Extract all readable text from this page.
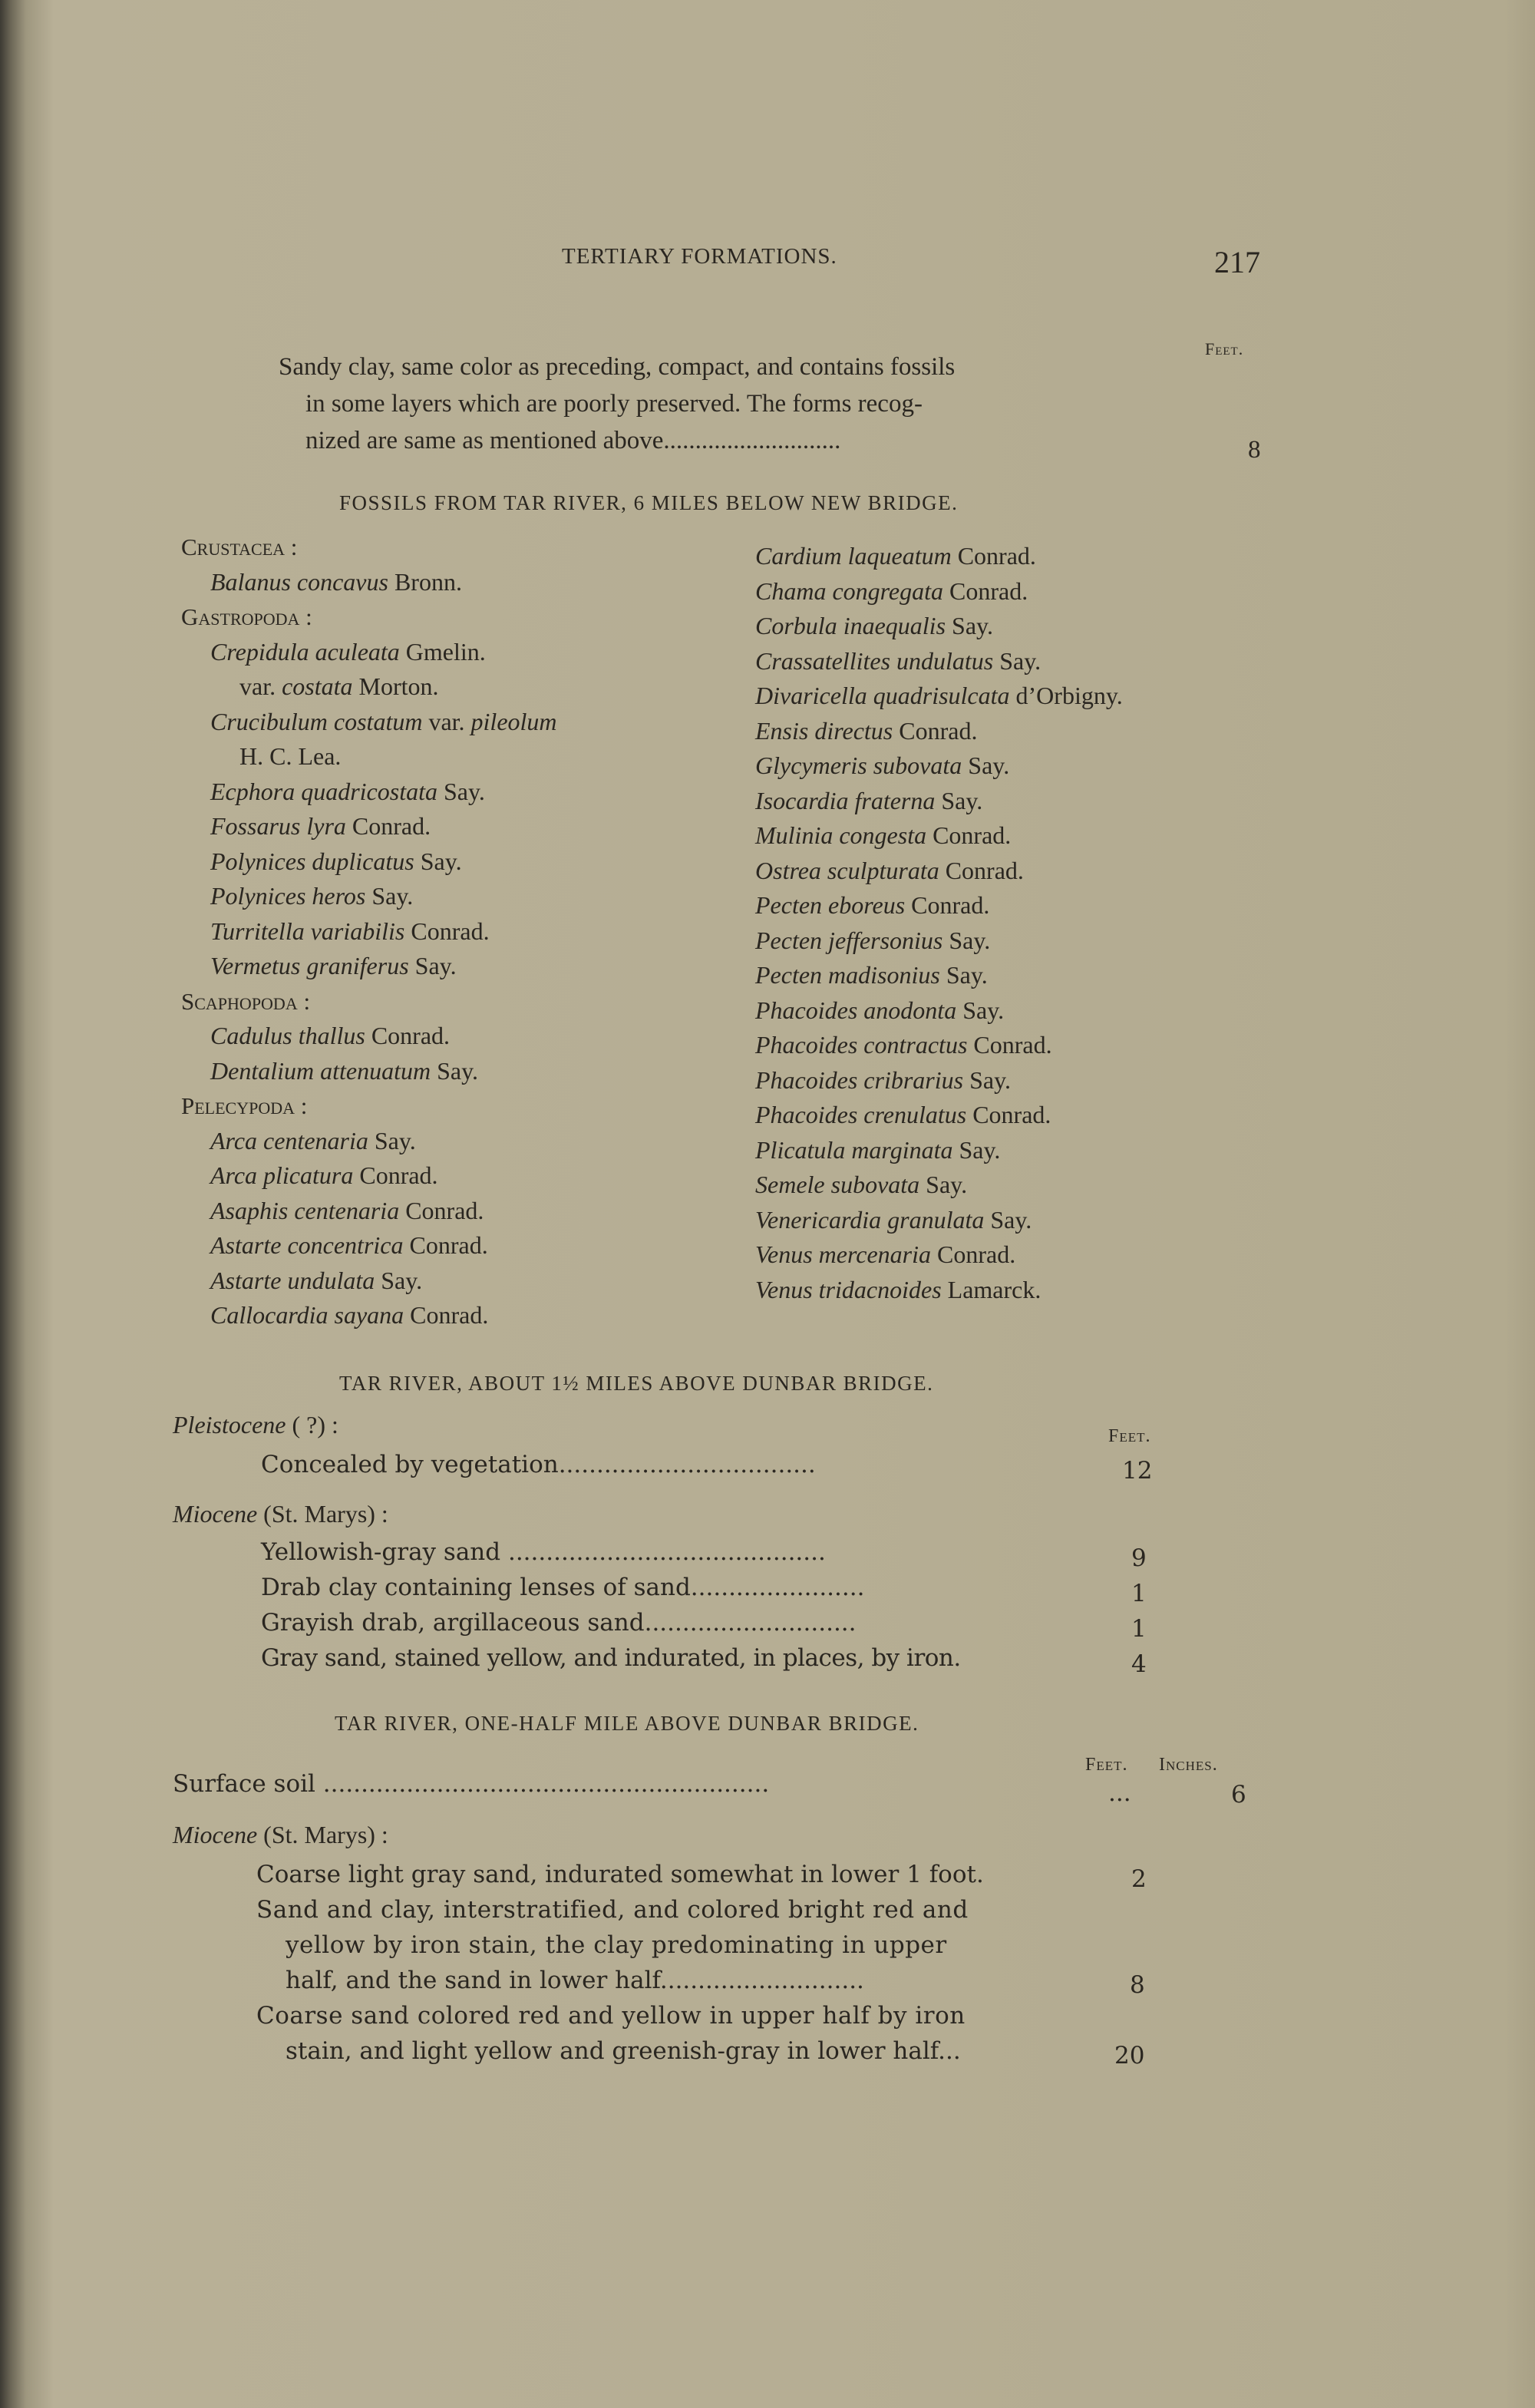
TERTIARY FORMATIONS.	217
Feet.
Sandy clay, same color as preceding, compact, and contains fossils
in some layers which are poorly preserved. The forms recog-
nized are same as mentioned above............................	8
FOSSILS FROM TAR RIVER, 6 MILES BELOW NEW BRIDGE.
Crustacea :
Balanus concavus Bronn.
Gastropoda :
Crepidula aculeata Gmelin.
var. costata Morton.
Crucibulum costatum var. pileolum
H. C. Lea.
Ecphora quadricostata Say.
Fossarus lyra Conrad.
Polynices duplicatus Say.
Polynices heros Say.
Turritella variabilis Conrad.
Vermetus graniferus Say.
Scaphopoda :
Cadulus thallus Conrad.
Dentalium attenuatum Say.
Pelecypoda :
Arca centenaria Say.
Arca plicatura Conrad.
Asaphis centenaria Conrad.
Astarte concentrica Conrad.
Astarte undulata Say.
Callocardia sayana Conrad.
Cardium laqueatum Conrad.
Chama congregata Conrad.
Corbula inaequalis Say.
Crassatellites undulatus Say.
Divaricella quadrisulcata d’Orbigny.
Ensis directus Conrad.
Glycymeris subovata Say.
Isocardia fraterna Say.
Mulinia congesta Conrad.
Ostrea sculpturata Conrad.
Pecten eboreus Conrad.
Pecten jeffersonius Say.
Pecten madisonius Say.
Phacoides anodonta Say.
Phacoides contractus Conrad.
Phacoides cribrarius Say.
Phacoides crenulatus Conrad.
Plicatula marginata Say.
Semele subovata Say.
Venericardia granulata Say.
Venus mercenaria Conrad.
Venus tridacnoides Lamarck.
TAR RIVER, ABOUT 1½ MILES ABOVE DUNBAR BRIDGE.
Feet.
Pleistocene ( ?) :
Concealed by vegetation..................................	12
Miocene (St. Marys) :
Yellowish-gray sand ..........................................	9
Drab clay containing lenses of sand.......................	1
Grayish drab, argillaceous sand............................	1
Gray sand, stained yellow, and indurated, in places, by iron.	4
TAR RIVER, ONE-HALF MILE ABOVE DUNBAR BRIDGE.
Feet. Inches.
Surface soil ...........................................................	...	6
Miocene (St. Marys) :
Coarse light gray sand, indurated somewhat in lower 1 foot.	2
Sand and clay, interstratified, and colored bright red and
yellow by iron stain, the clay predominating in upper
half, and the sand in lower half...........................	8
Coarse sand colored red and yellow in upper half by iron
stain, and light yellow and greenish-gray in lower half...	20
